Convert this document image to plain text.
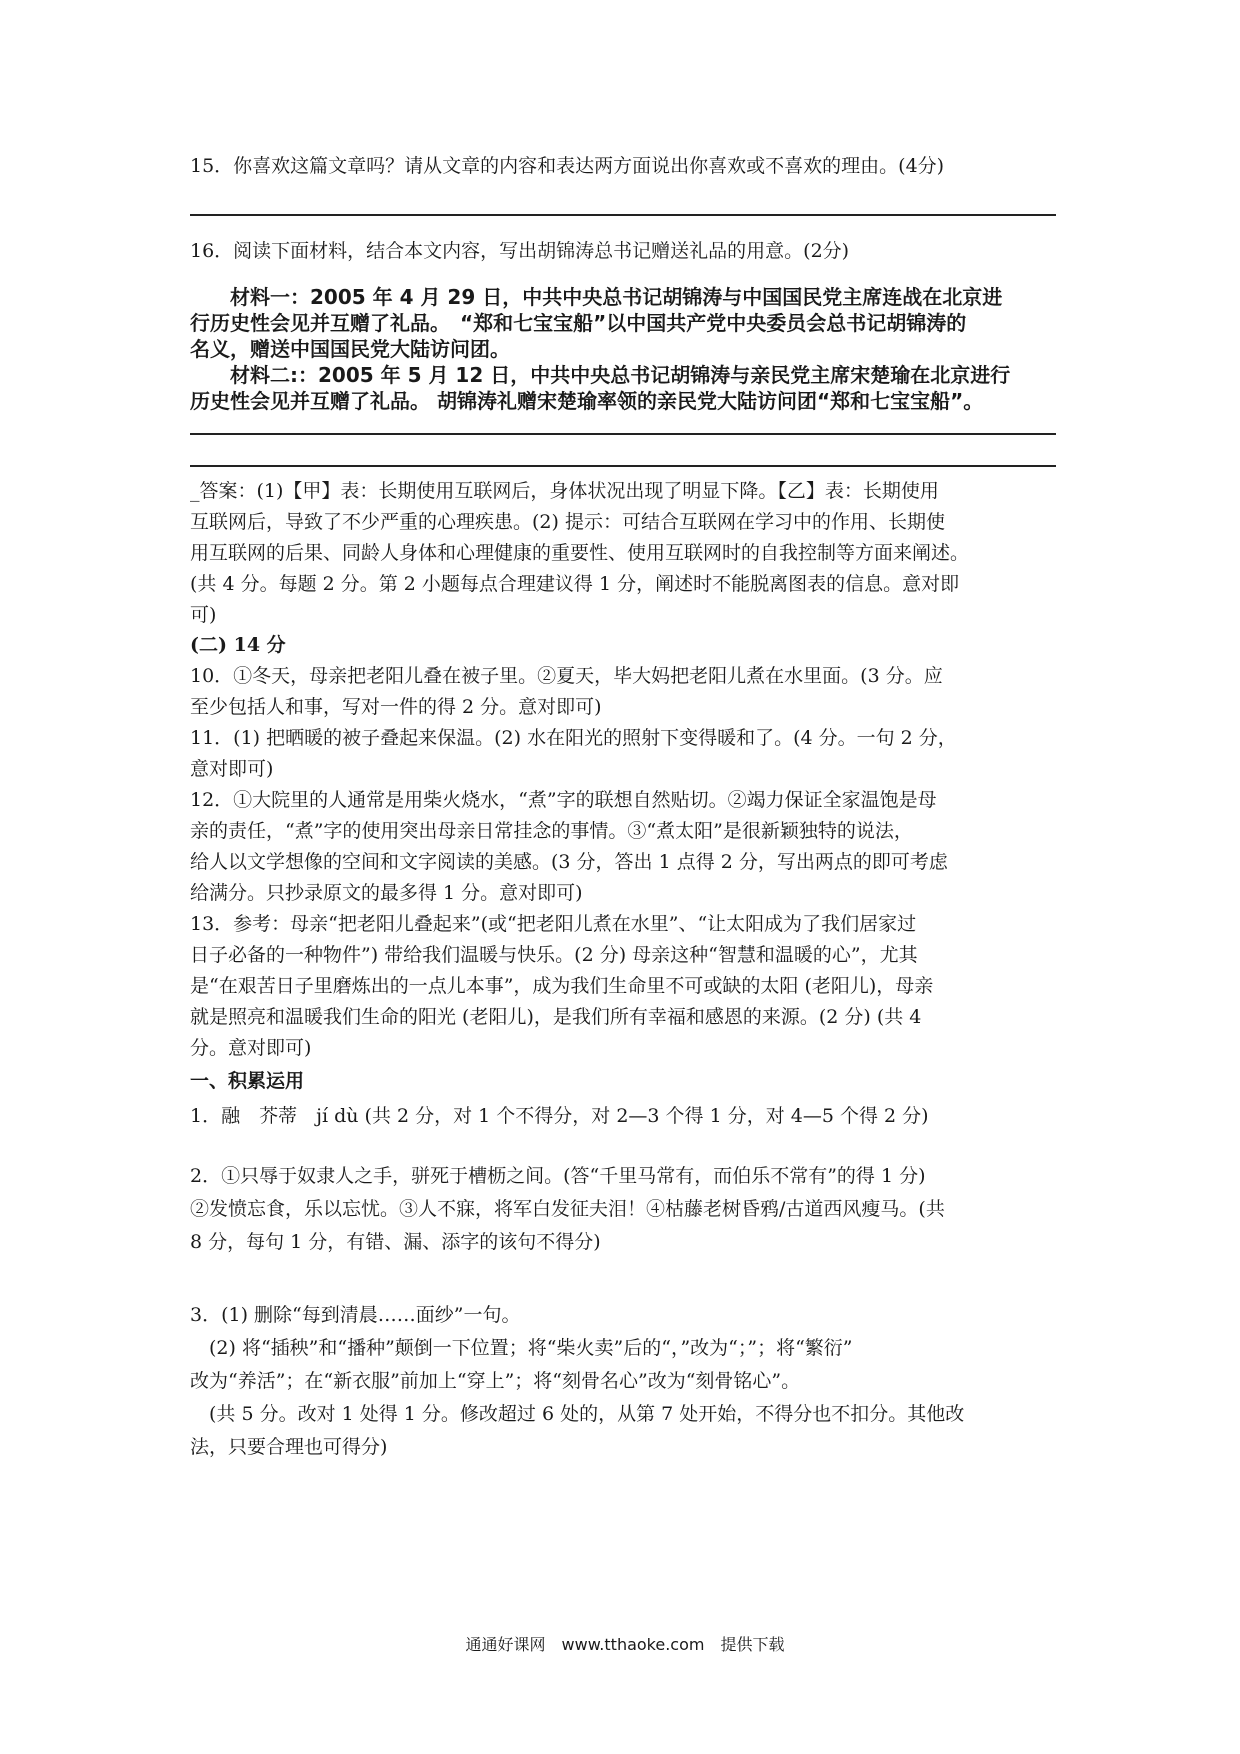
15．你喜欢这篇文章吗？请从文章的内容和表达两方面说出你喜欢或不喜欢的理由。(4分)
16．阅读下面材料，结合本文内容，写出胡锦涛总书记赠送礼品的用意。(2分)
　　材料一：2005 年 4 月 29 日，中共中央总书记胡锦涛与中国国民党主席连战在北京进
行历史性会见并互赠了礼品。　“郑和七宝宝船”以中国共产党中央委员会总书记胡锦涛的
名义，赠送中国国民党大陆访问团。
　　材料二:：2005 年 5 月 12 日，中共中央总书记胡锦涛与亲民党主席宋楚瑜在北京进行
历史性会见并互赠了礼品。 胡锦涛礼赠宋楚瑜率领的亲民党大陆访问团“郑和七宝宝船”。
_答案：(1)【甲】表：长期使用互联网后，身体状况出现了明显下降。【乙】表：长期使用
互联网后，导致了不少严重的心理疾患。(2) 提示：可结合互联网在学习中的作用、长期使
用互联网的后果、同龄人身体和心理健康的重要性、使用互联网时的自我控制等方面来阐述。
(共 4 分。每题 2 分。第 2 小题每点合理建议得 1 分，阐述时不能脱离图表的信息。意对即
可)
(二) 14 分
10．①冬天，母亲把老阳儿叠在被子里。②夏天，毕大妈把老阳儿煮在水里面。(3 分。应
至少包括人和事，写对一件的得 2 分。意对即可)
11．(1) 把晒暖的被子叠起来保温。(2) 水在阳光的照射下变得暖和了。(4 分。一句 2 分，
意对即可)
12．①大院里的人通常是用柴火烧水，“煮”字的联想自然贴切。②竭力保证全家温饱是母
亲的责任，“煮”字的使用突出母亲日常挂念的事情。③“煮太阳”是很新颖独特的说法，
给人以文学想像的空间和文字阅读的美感。(3 分，答出 1 点得 2 分，写出两点的即可考虑
给满分。只抄录原文的最多得 1 分。意对即可)
13．参考：母亲“把老阳儿叠起来”(或“把老阳儿煮在水里”、“让太阳成为了我们居家过
日子必备的一种物件”) 带给我们温暖与快乐。(2 分) 母亲这种“智慧和温暖的心”，尤其
是“在艰苦日子里磨炼出的一点儿本事”，成为我们生命里不可或缺的太阳 (老阳儿)，母亲
就是照亮和温暖我们生命的阳光 (老阳儿)，是我们所有幸福和感恩的来源。(2 分) (共 4
分。意对即可)
一、积累运用
1．融　芥蒂　jí dù (共 2 分，对 1 个不得分，对 2—3 个得 1 分，对 4—5 个得 2 分)
2．①只辱于奴隶人之手，骈死于槽枥之间。(答“千里马常有，而伯乐不常有”的得 1 分)
②发愤忘食，乐以忘忧。③人不寐，将军白发征夫泪！④枯藤老树昏鸦/古道西风瘦马。(共
8 分，每句 1 分，有错、漏、添字的该句不得分)
3．(1) 删除“每到清晨……面纱”一句。
　(2) 将“插秧”和“播种”颠倒一下位置；将“柴火卖”后的“，”改为“；”；将“繁衍”
改为“养活”；在“新衣服”前加上“穿上”；将“刻骨名心”改为“刻骨铭心”。
　(共 5 分。改对 1 处得 1 分。修改超过 6 处的，从第 7 处开始，不得分也不扣分。其他改
法，只要合理也可得分)
通通好课网　www.tthaoke.com　提供下载
